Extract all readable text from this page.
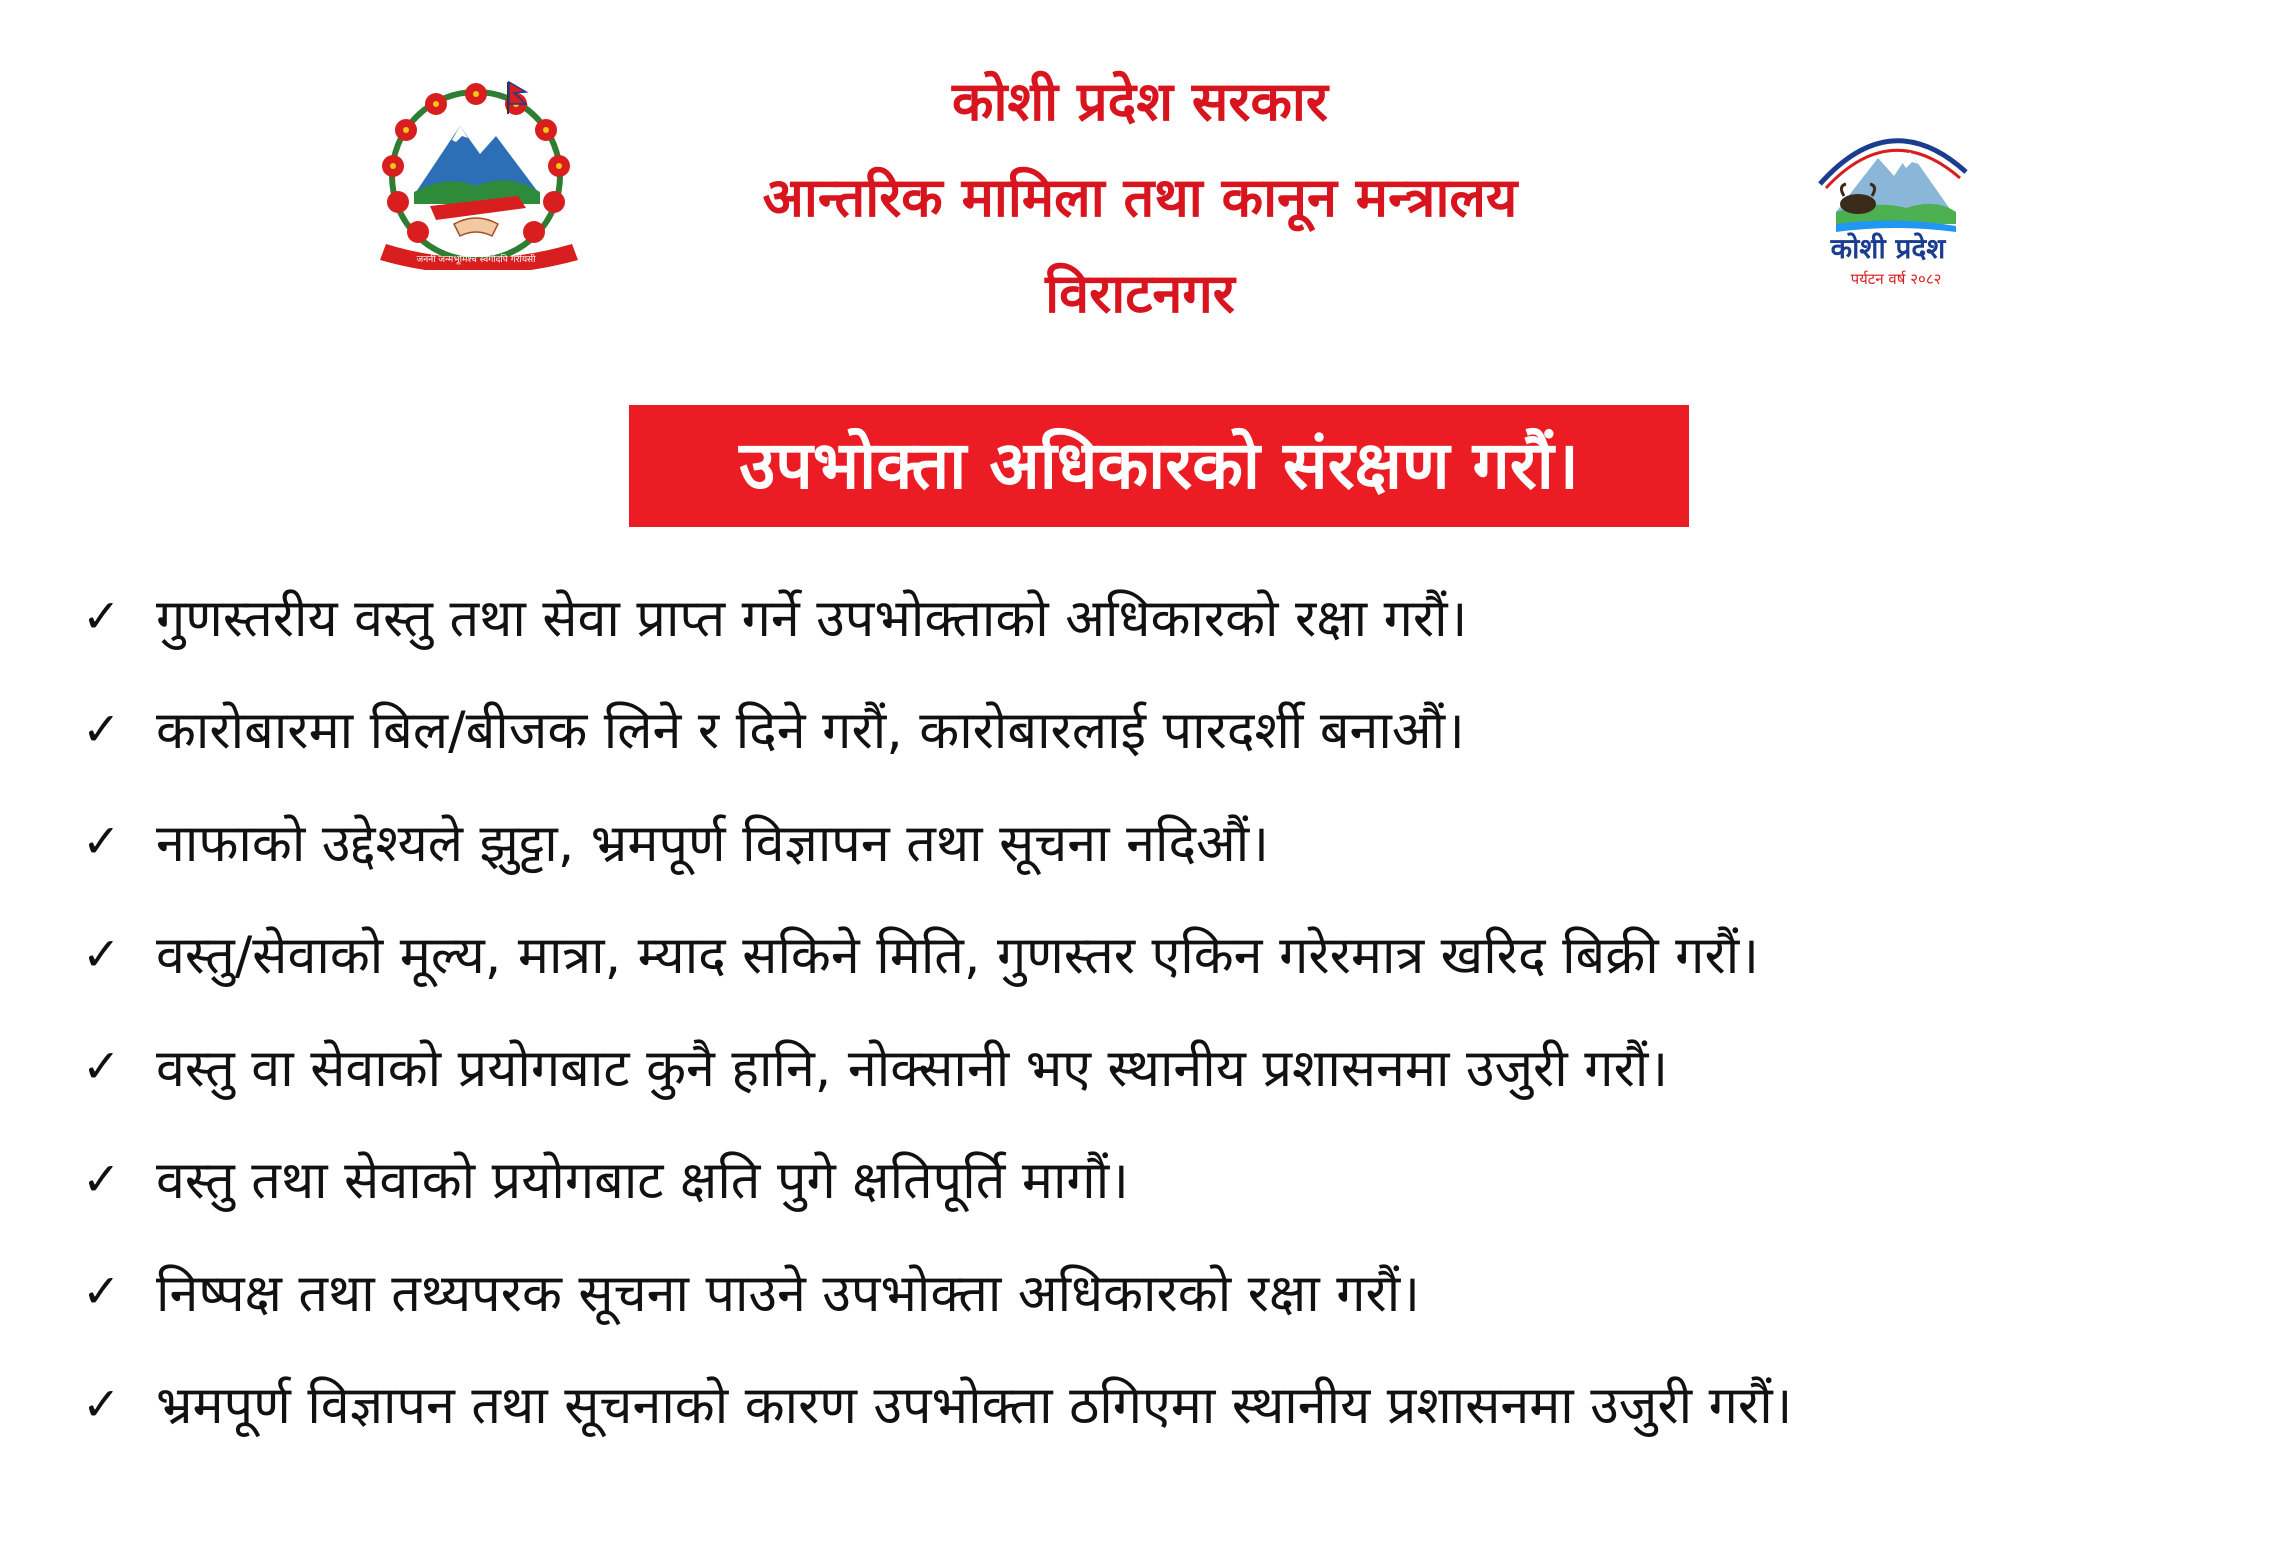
जननी जन्मभूमिश्च स्वर्गादपि गरीयसी
कोशी प्रदेश सरकार
आन्तरिक मामिला तथा कानून मन्त्रालय
विराटनगर
कोशी प्रदेश
पर्यटन वर्ष २०८२
उपभोक्ता अधिकारको संरक्षण गरौं।
✓ गुणस्तरीय वस्तु तथा सेवा प्राप्त गर्ने उपभोक्ताको अधिकारको रक्षा गरौं।
✓ कारोबारमा बिल/बीजक लिने र दिने गरौं, कारोबारलाई पारदर्शी बनाऔं।
✓ नाफाको उद्देश्यले झुट्टा, भ्रमपूर्ण विज्ञापन तथा सूचना नदिऔं।
✓ वस्तु/सेवाको मूल्य, मात्रा, म्याद सकिने मिति, गुणस्तर एकिन गरेरमात्र खरिद बिक्री गरौं।
✓ वस्तु वा सेवाको प्रयोगबाट कुनै हानि, नोक्सानी भए स्थानीय प्रशासनमा उजुरी गरौं।
✓ वस्तु तथा सेवाको प्रयोगबाट क्षति पुगे क्षतिपूर्ति मागौं।
✓ निष्पक्ष तथा तथ्यपरक सूचना पाउने उपभोक्ता अधिकारको रक्षा गरौं।
✓ भ्रमपूर्ण विज्ञापन तथा सूचनाको कारण उपभोक्ता ठगिएमा स्थानीय प्रशासनमा उजुरी गरौं।
